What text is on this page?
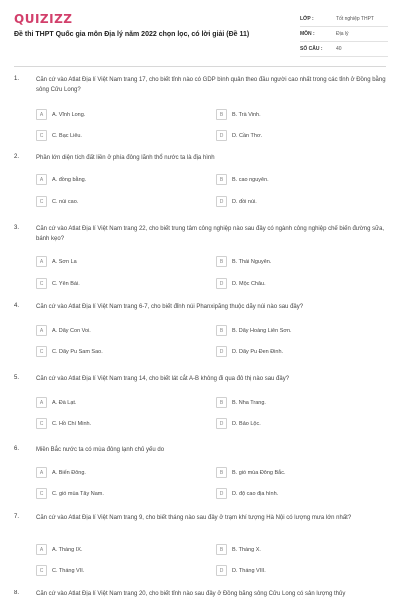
QUIZIZZ
Đề thi THPT Quốc gia môn Địa lý năm 2022 chọn lọc, có lời giải (Đề 11)
LỚP :	Tốt nghiệp THPT
MÔN :	Địa lý
SỐ CÂU :	40
1.	Căn cứ vào Atlat Địa lí Việt Nam trang 17, cho biết tỉnh nào có GDP bình quân theo đầu người cao nhất trong các tỉnh ở Đồng bằng sông Cửu Long?
A	A. Vĩnh Long.	B	B. Trà Vinh.
C	C. Bạc Liêu.	D	D. Cần Thơ.
2.	Phần lớn diện tích đất liền ở phía đông lãnh thổ nước ta là địa hình
A	A. đồng bằng.	B	B. cao nguyên.
C	C. núi cao.	D	D. đồi núi.
3.	Căn cứ vào Atlat Địa lí Việt Nam trang 22, cho biết trung tâm công nghiệp nào sau đây có ngành công nghiệp chế biến đường sữa, bánh kẹo?
A	A. Sơn La	B	B. Thái Nguyên.
C	C. Yên Bái.	D	D. Mộc Châu.
4.	Căn cứ vào Atlat Địa lí Việt Nam trang 6-7, cho biết đỉnh núi Phanxipăng thuộc dãy núi nào sau đây?
A	A. Dãy Con Voi.	B	B. Dãy Hoàng Liên Sơn.
C	C. Dãy Pu Sam Sao.	D	D. Dãy Pu Đen Đinh.
5.	Căn cứ vào Atlat Địa lí Việt Nam trang 14, cho biết lát cắt A-B không đi qua đô thị nào sau đây?
A	A. Đà Lạt.	B	B. Nha Trang.
C	C. Hồ Chí Minh.	D	D. Bảo Lộc.
6.	Miền Bắc nước ta có mùa đông lạnh chủ yếu do
A	A. Biển Đông.	B	B. gió mùa Đông Bắc.
C	C. gió mùa Tây Nam.	D	D. độ cao địa hình.
7.	Căn cứ vào Atlat Địa lí Việt Nam trang 9, cho biết tháng nào sau đây ở trạm khí tượng Hà Nội có lượng mưa lớn nhất?
A	A. Tháng IX.	B	B. Tháng X.
C	C. Tháng VII.	D	D. Tháng VIII.
8.	Căn cứ vào Atlat Địa lí Việt Nam trang 20, cho biết tỉnh nào sau đây ở Đồng bằng sông Cửu Long có sản lượng thủy
